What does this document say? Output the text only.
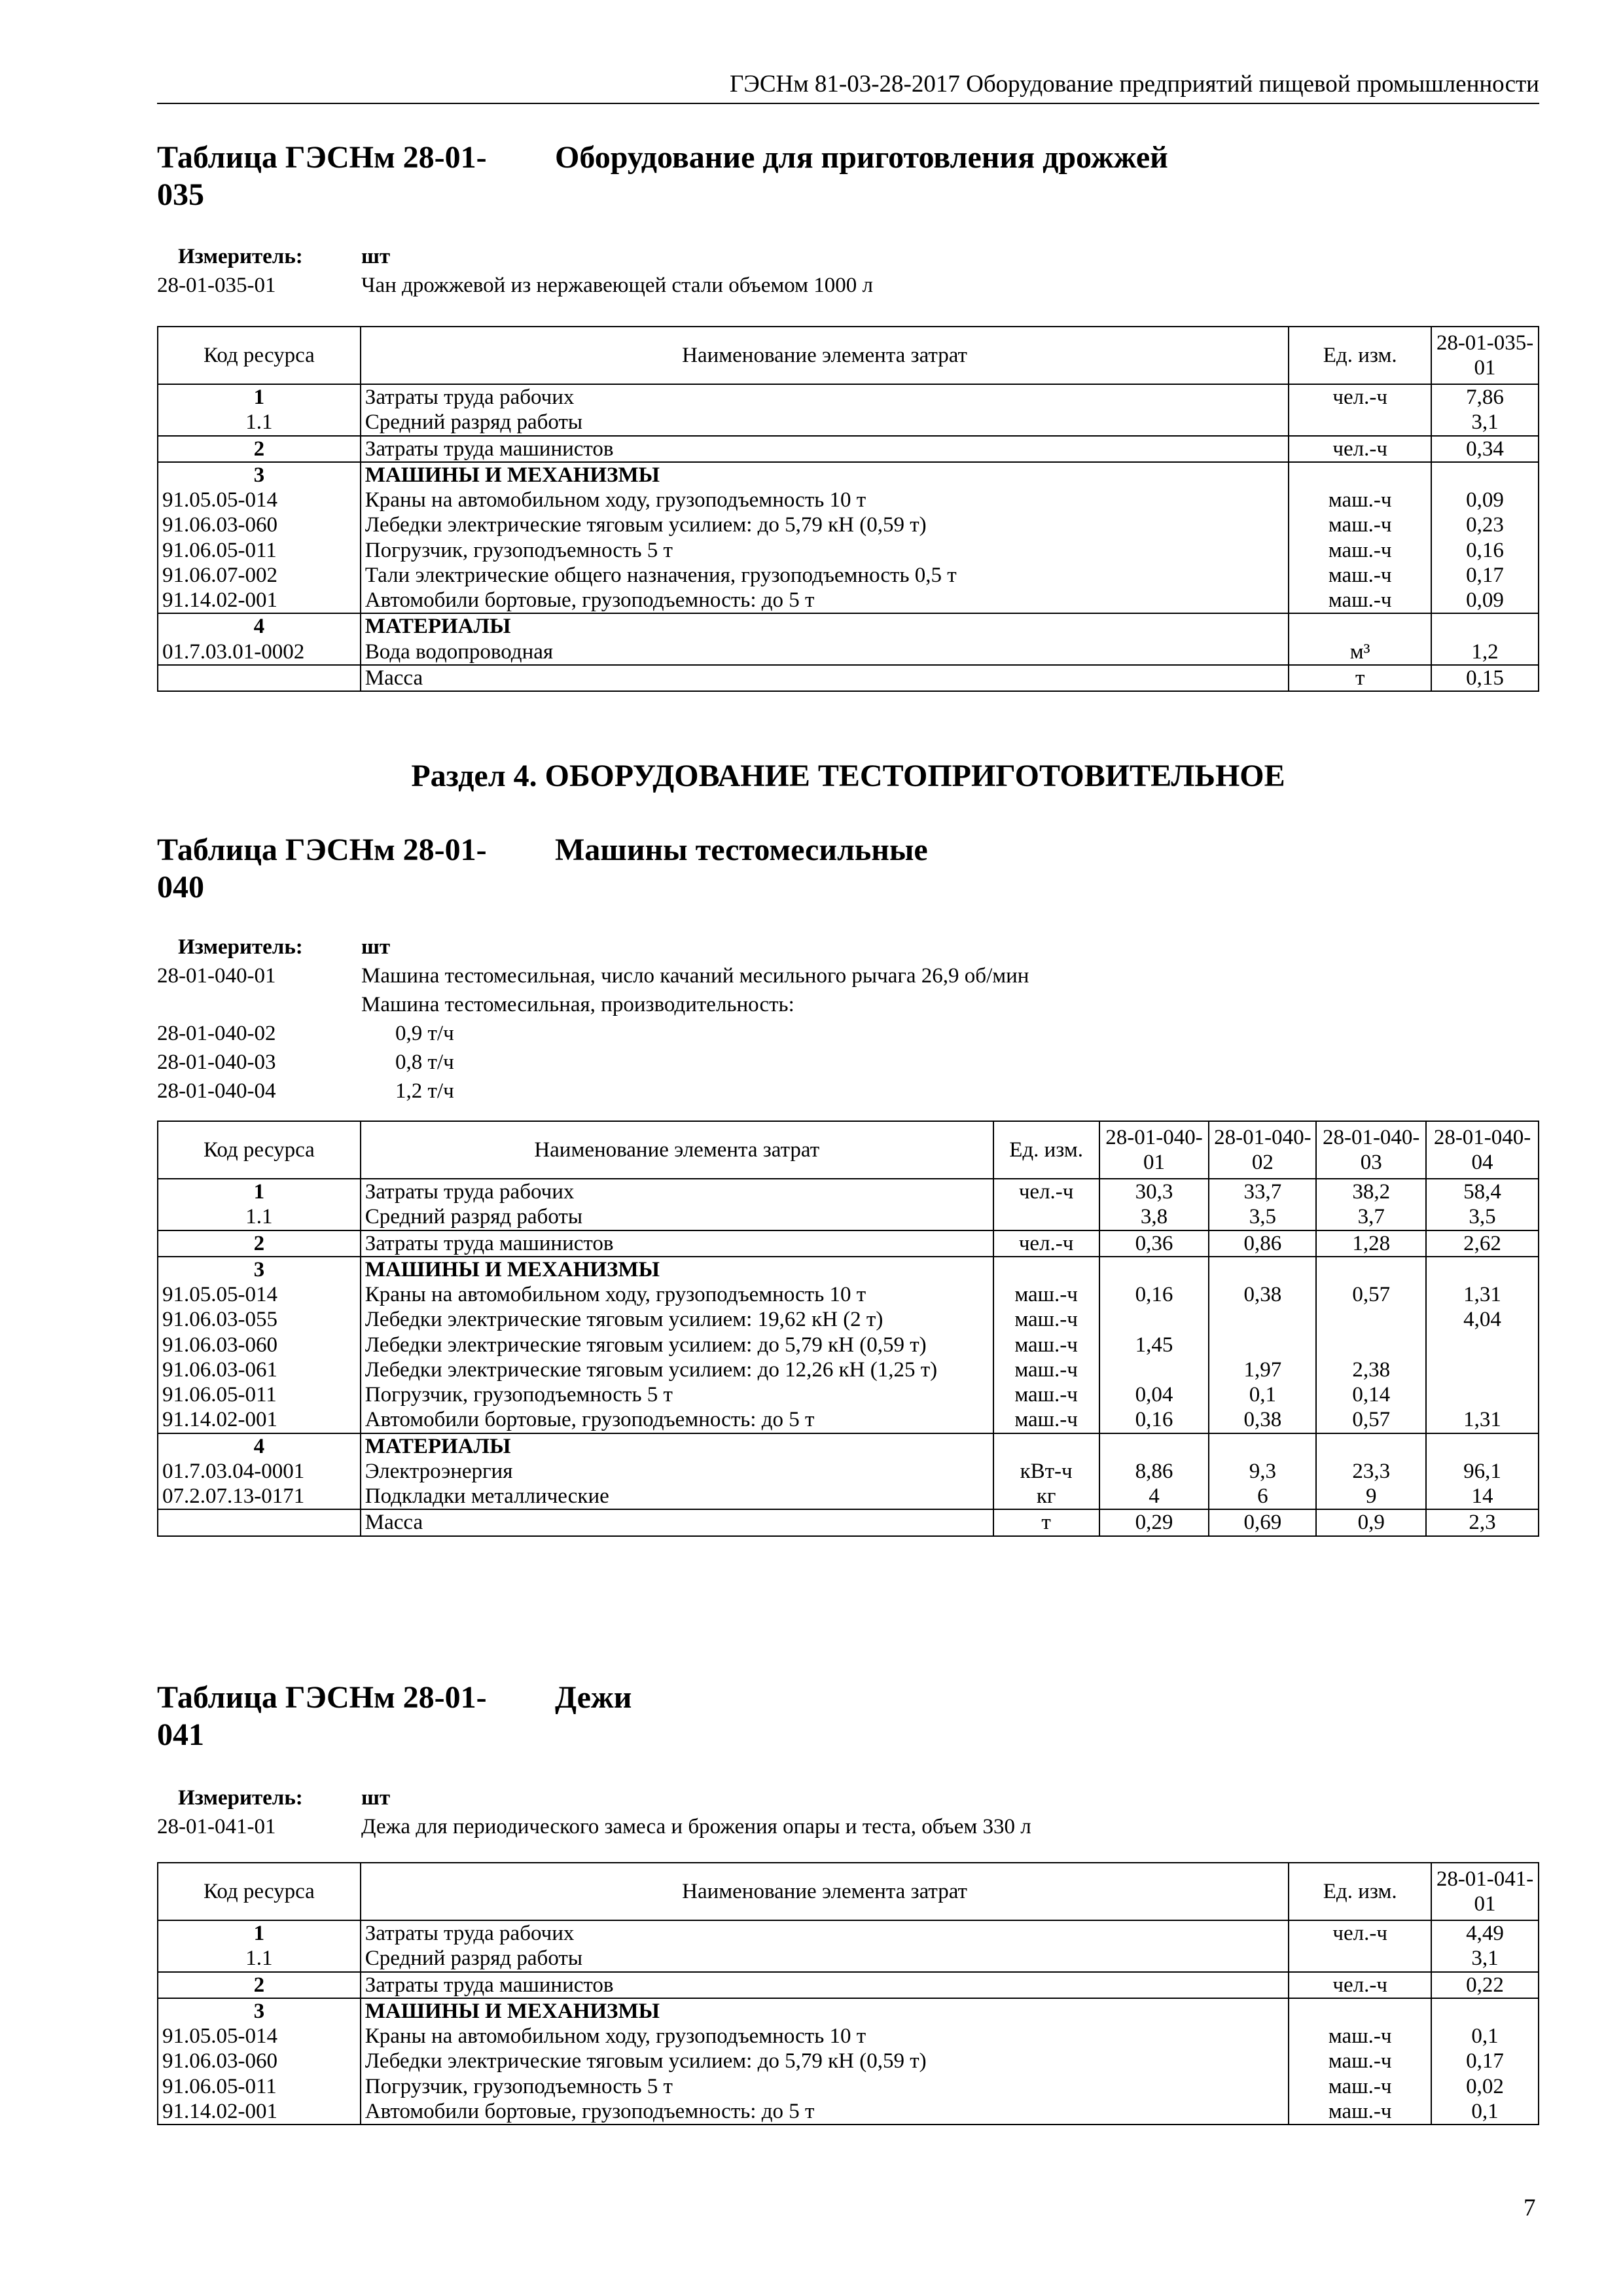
ГЭСНм 81-03-28-2017 Оборудование предприятий пищевой промышленности
Таблица ГЭСНм 28-01-035
Оборудование для приготовления дрожжей
Измеритель:	шт
28-01-035-01	Чан дрожжевой из нержавеющей стали объемом 1000 л
Код ресурса	Наименование элемента затрат	Ед. изм.	28-01-035-01
1	Затраты труда рабочих	чел.-ч	7,86
1.1	Средний разряд работы		3,1
2	Затраты труда машинистов	чел.-ч	0,34
3	МАШИНЫ И МЕХАНИЗМЫ		
91.05.05-014	Краны на автомобильном ходу, грузоподъемность 10 т	маш.-ч	0,09
91.06.03-060	Лебедки электрические тяговым усилием: до 5,79 кН (0,59 т)	маш.-ч	0,23
91.06.05-011	Погрузчик, грузоподъемность 5 т	маш.-ч	0,16
91.06.07-002	Тали электрические общего назначения, грузоподъемность 0,5 т	маш.-ч	0,17
91.14.02-001	Автомобили бортовые, грузоподъемность: до 5 т	маш.-ч	0,09
4	МАТЕРИАЛЫ		
01.7.03.01-0002	Вода водопроводная	м³	1,2
	Масса	т	0,15
Раздел 4. ОБОРУДОВАНИЕ ТЕСТОПРИГОТОВИТЕЛЬНОЕ
Таблица ГЭСНм 28-01-040
Машины тестомесильные
Измеритель:	шт
28-01-040-01	Машина тестомесильная, число качаний месильного рычага 26,9 об/мин
Машина тестомесильная, производительность:
28-01-040-02	0,9 т/ч
28-01-040-03	0,8 т/ч
28-01-040-04	1,2 т/ч
Код ресурса	Наименование элемента затрат	Ед. изм.	28-01-040-01	28-01-040-02	28-01-040-03	28-01-040-04
1	Затраты труда рабочих	чел.-ч	30,3	33,7	38,2	58,4
1.1	Средний разряд работы		3,8	3,5	3,7	3,5
2	Затраты труда машинистов	чел.-ч	0,36	0,86	1,28	2,62
3	МАШИНЫ И МЕХАНИЗМЫ					
91.05.05-014	Краны на автомобильном ходу, грузоподъемность 10 т	маш.-ч	0,16	0,38	0,57	1,31
91.06.03-055	Лебедки электрические тяговым усилием: 19,62 кН (2 т)	маш.-ч				4,04
91.06.03-060	Лебедки электрические тяговым усилием: до 5,79 кН (0,59 т)	маш.-ч	1,45			
91.06.03-061	Лебедки электрические тяговым усилием: до 12,26 кН (1,25 т)	маш.-ч		1,97	2,38	
91.06.05-011	Погрузчик, грузоподъемность 5 т	маш.-ч	0,04	0,1	0,14	
91.14.02-001	Автомобили бортовые, грузоподъемность: до 5 т	маш.-ч	0,16	0,38	0,57	1,31
4	МАТЕРИАЛЫ					
01.7.03.04-0001	Электроэнергия	кВт-ч	8,86	9,3	23,3	96,1
07.2.07.13-0171	Подкладки металлические	кг	4	6	9	14
	Масса	т	0,29	0,69	0,9	2,3
Таблица ГЭСНм 28-01-041
Дежи
Измеритель:	шт
28-01-041-01	Дежа для периодического замеса и брожения опары и теста, объем 330 л
Код ресурса	Наименование элемента затрат	Ед. изм.	28-01-041-01
1	Затраты труда рабочих	чел.-ч	4,49
1.1	Средний разряд работы		3,1
2	Затраты труда машинистов	чел.-ч	0,22
3	МАШИНЫ И МЕХАНИЗМЫ		
91.05.05-014	Краны на автомобильном ходу, грузоподъемность 10 т	маш.-ч	0,1
91.06.03-060	Лебедки электрические тяговым усилием: до 5,79 кН (0,59 т)	маш.-ч	0,17
91.06.05-011	Погрузчик, грузоподъемность 5 т	маш.-ч	0,02
91.14.02-001	Автомобили бортовые, грузоподъемность: до 5 т	маш.-ч	0,1
7
